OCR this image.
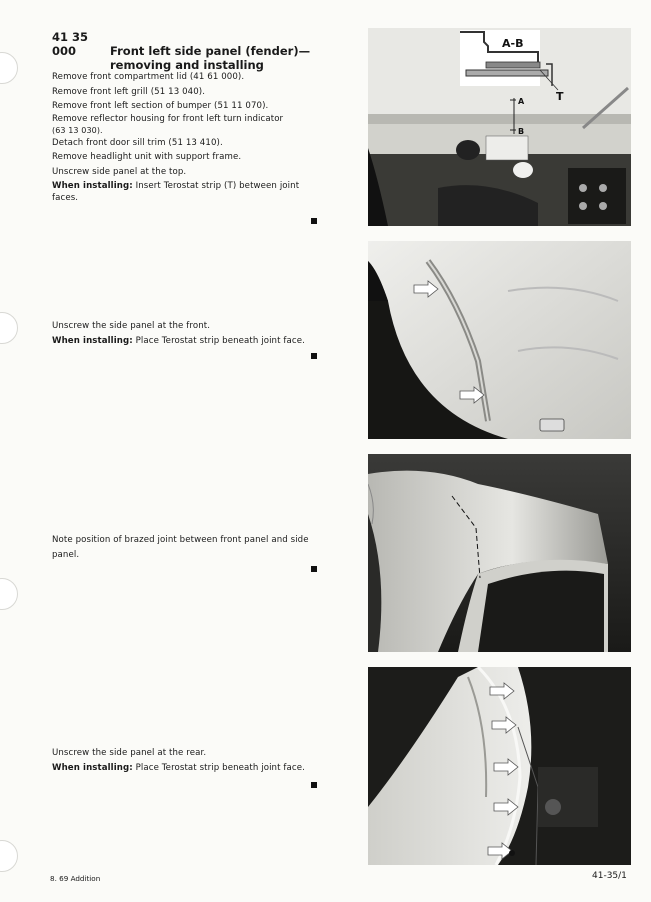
41 35 000	Front left side panel (fender)—
removing and installing

Remove front compartment lid (41 61 000).

Remove front left grill (51 13 040).

Remove front left section of bumper (51 11 070).

Remove reflector housing for front left turn indicator

(63 13 030).

Detach front door sill trim (51 13 410).

Remove headlight unit with support frame.

Unscrew side panel at the top.

When installing: Insert Terostat strip (T) between joint faces.

Unscrew the side panel at the front.

When installing: Place Terostat strip beneath joint face.

Note position of brazed joint between front panel and side panel.

Unscrew the side panel at the rear.

When installing: Place Terostat strip beneath joint face.

A-B
T
A
B
8. 69 Addition	41-35/1
